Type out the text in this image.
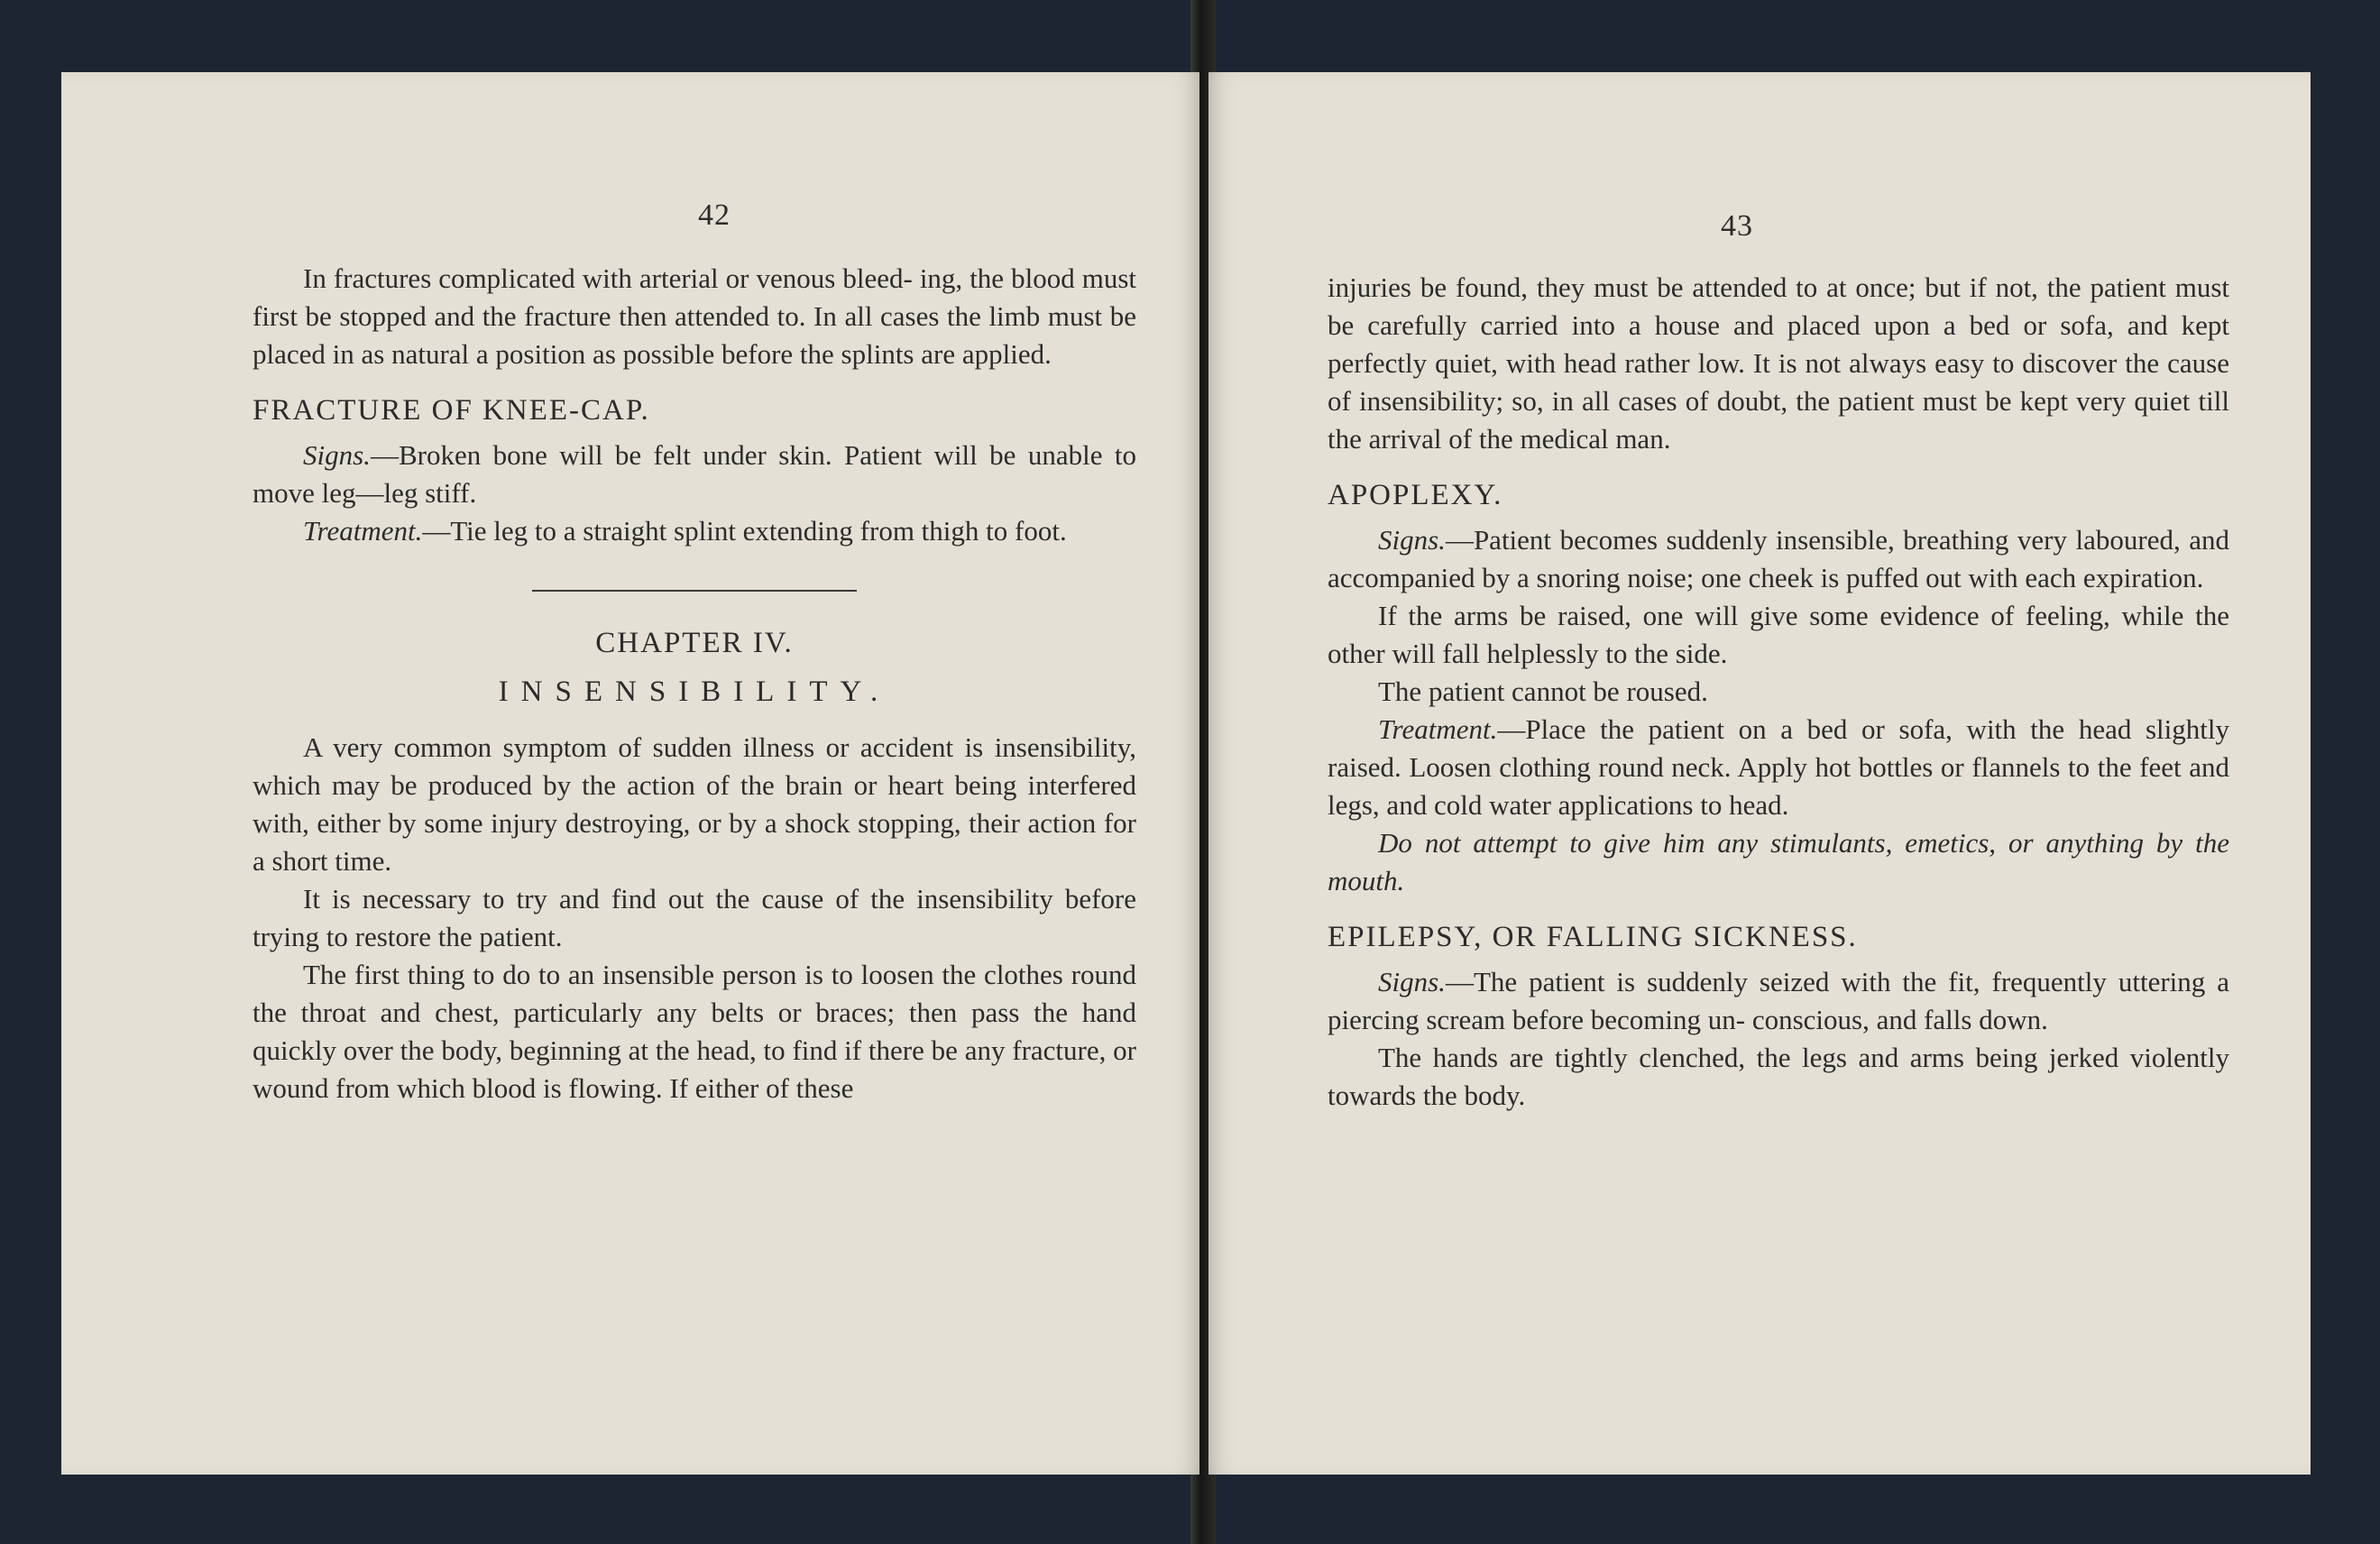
42

In fractures complicated with arterial or venous bleed- ing, the blood must first be stopped and the fracture then attended to. In all cases the limb must be placed in as natural a position as possible before the splints are applied.

FRACTURE OF KNEE-CAP.

Signs.—Broken bone will be felt under skin. Patient will be unable to move leg—leg stiff.

Treatment.—Tie leg to a straight splint extending from thigh to foot.

CHAPTER IV.
INSENSIBILITY.

A very common symptom of sudden illness or accident is insensibility, which may be produced by the action of the brain or heart being interfered with, either by some injury destroying, or by a shock stopping, their action for a short time.

It is necessary to try and find out the cause of the insensibility before trying to restore the patient.

The first thing to do to an insensible person is to loosen the clothes round the throat and chest, particularly any belts or braces; then pass the hand quickly over the body, beginning at the head, to find if there be any fracture, or wound from which blood is flowing. If either of these

43

injuries be found, they must be attended to at once; but if not, the patient must be carefully carried into a house and placed upon a bed or sofa, and kept perfectly quiet, with head rather low. It is not always easy to discover the cause of insensibility; so, in all cases of doubt, the patient must be kept very quiet till the arrival of the medical man.

APOPLEXY.

Signs.—Patient becomes suddenly insensible, breathing very laboured, and accompanied by a snoring noise; one cheek is puffed out with each expiration.

If the arms be raised, one will give some evidence of feeling, while the other will fall helplessly to the side.

The patient cannot be roused.

Treatment.—Place the patient on a bed or sofa, with the head slightly raised. Loosen clothing round neck. Apply hot bottles or flannels to the feet and legs, and cold water applications to head.

Do not attempt to give him any stimulants, emetics, or anything by the mouth.

EPILEPSY, OR FALLING SICKNESS.

Signs.—The patient is suddenly seized with the fit, frequently uttering a piercing scream before becoming un- conscious, and falls down.

The hands are tightly clenched, the legs and arms being jerked violently towards the body.
